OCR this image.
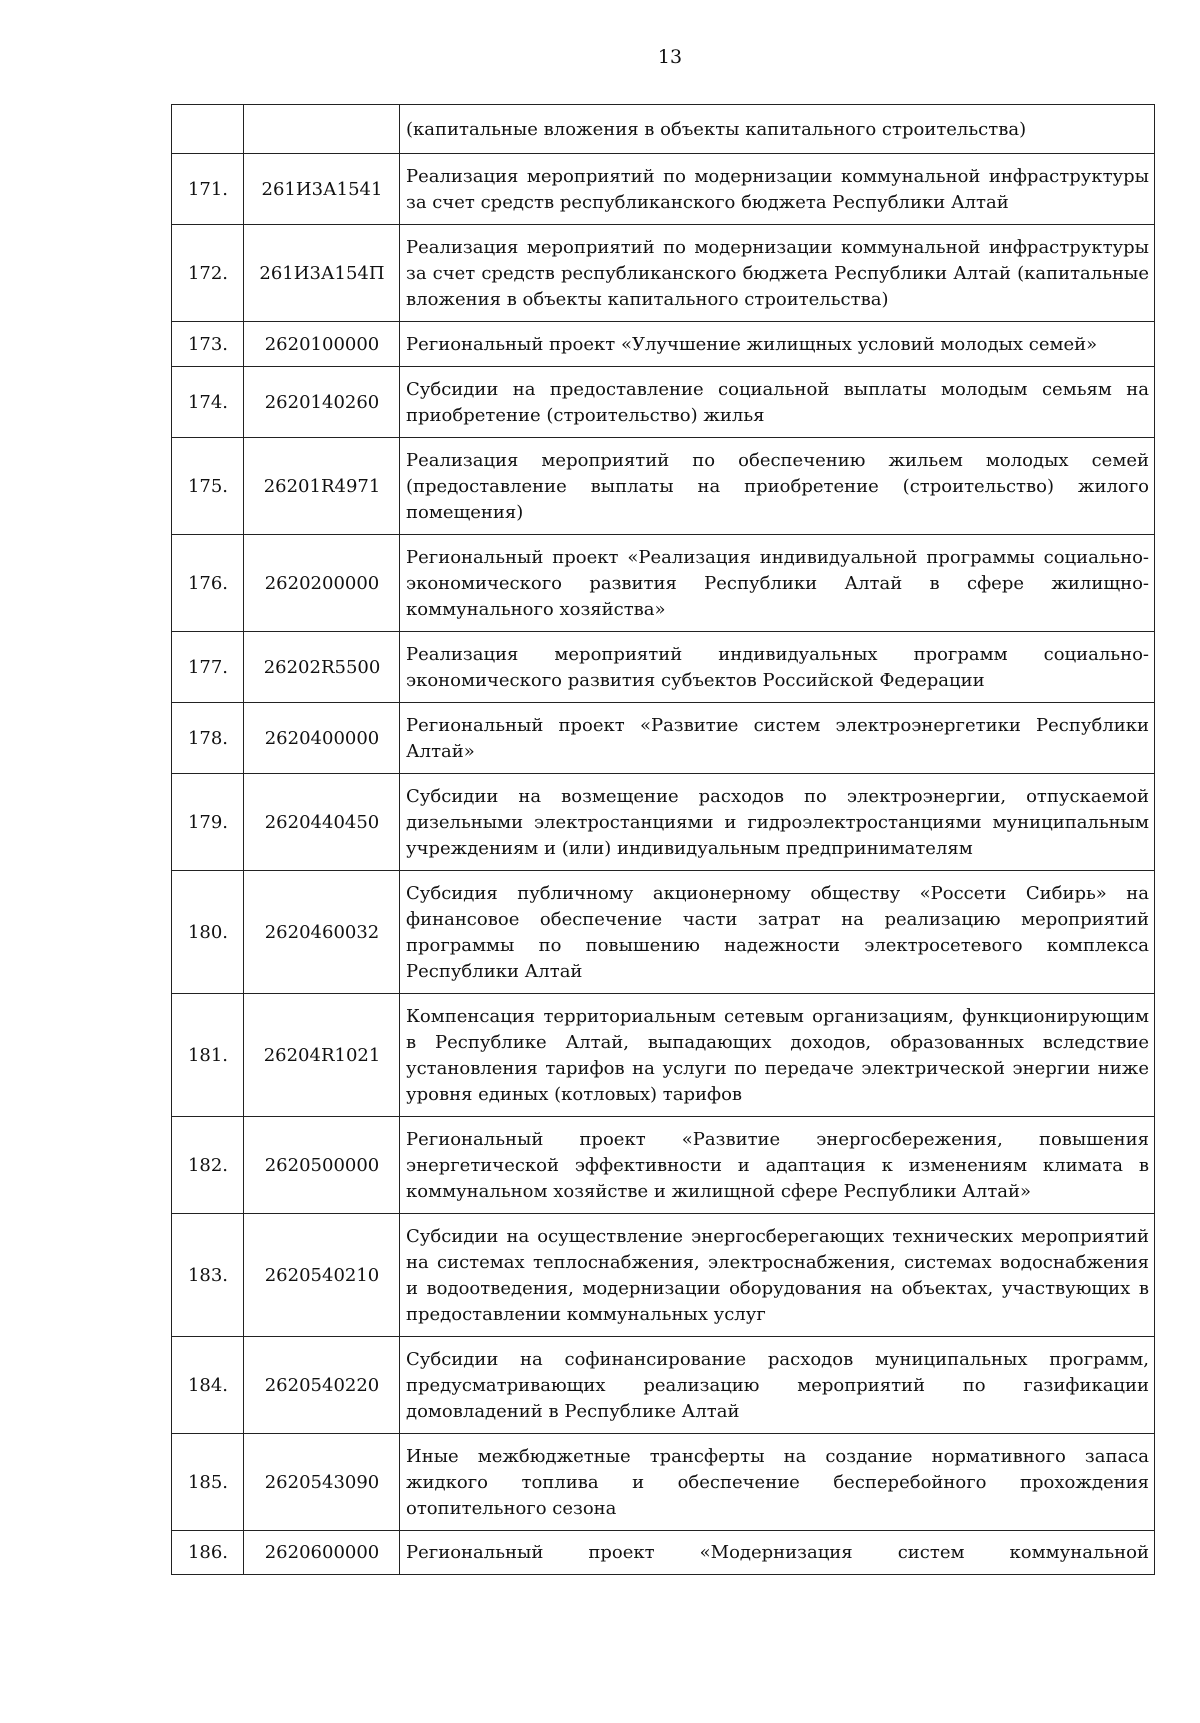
13
		(капитальные вложения в объекты капитального строительства)
171.	261И3А1541	Реализация мероприятий по модернизации коммунальной инфраструктуры за счет средств республиканского бюджета Республики Алтай
172.	261И3А154П	Реализация мероприятий по модернизации коммунальной инфраструктуры за счет средств республиканского бюджета Республики Алтай (капитальные вложения в объекты капитального строительства)
173.	2620100000	Региональный проект «Улучшение жилищных условий молодых семей»
174.	2620140260	Субсидии на предоставление социальной выплаты молодым семьям на приобретение (строительство) жилья
175.	26201R4971	Реализация мероприятий по обеспечению жильем молодых семей (предоставление выплаты на приобретение (строительство) жилого помещения)
176.	2620200000	Региональный проект «Реализация индивидуальной программы социально-экономического развития Республики Алтай в сфере жилищно-коммунального хозяйства»
177.	26202R5500	Реализация мероприятий индивидуальных программ социально-экономического развития субъектов Российской Федерации
178.	2620400000	Региональный проект «Развитие систем электроэнергетики Республики Алтай»
179.	2620440450	Субсидии на возмещение расходов по электроэнергии, отпускаемой дизельными электростанциями и гидроэлектростанциями муниципальным учреждениям и (или) индивидуальным предпринимателям
180.	2620460032	Субсидия публичному акционерному обществу «Россети Сибирь» на финансовое обеспечение части затрат на реализацию мероприятий программы по повышению надежности электросетевого комплекса Республики Алтай
181.	26204R1021	Компенсация территориальным сетевым организациям, функционирующим в Республике Алтай, выпадающих доходов, образованных вследствие установления тарифов на услуги по передаче электрической энергии ниже уровня единых (котловых) тарифов
182.	2620500000	Региональный проект «Развитие энергосбережения, повышения энергетической эффективности и адаптация к изменениям климата в коммунальном хозяйстве и жилищной сфере Республики Алтай»
183.	2620540210	Субсидии на осуществление энергосберегающих технических мероприятий на системах теплоснабжения, электроснабжения, системах водоснабжения и водоотведения, модернизации оборудования на объектах, участвующих в предоставлении коммунальных услуг
184.	2620540220	Субсидии на софинансирование расходов муниципальных программ, предусматривающих реализацию мероприятий по газификации домовладений в Республике Алтай
185.	2620543090	Иные межбюджетные трансферты на создание нормативного запаса жидкого топлива и обеспечение бесперебойного прохождения отопительного сезона
186.	2620600000	Региональный проект «Модернизация систем коммунальной
